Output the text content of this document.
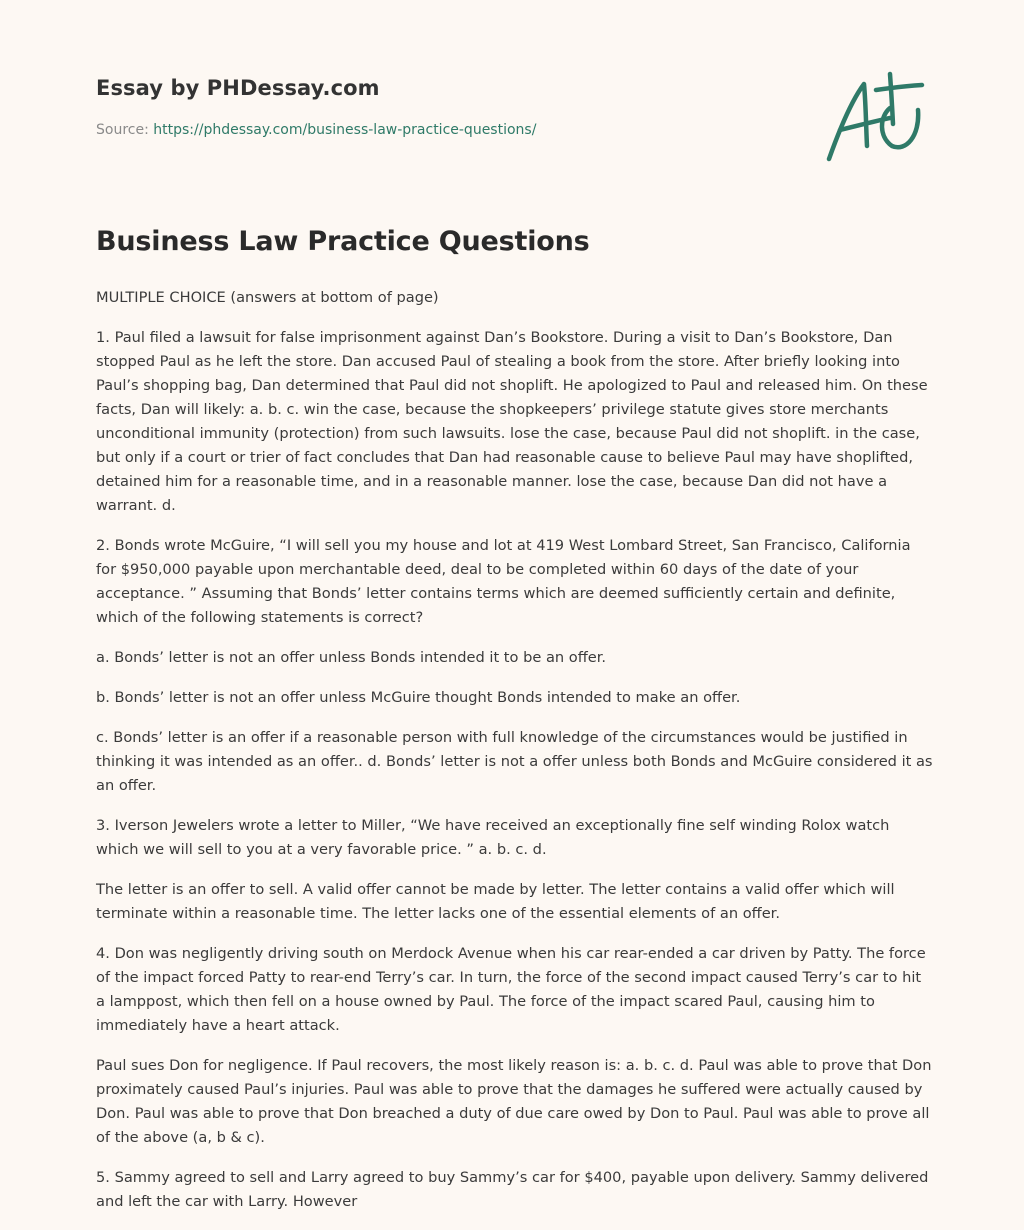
Essay by PHDessay.com

Source: https://phdessay.com/business-law-practice-questions/
Business Law Practice Questions

MULTIPLE CHOICE (answers at bottom of page)

1. Paul filed a lawsuit for false imprisonment against Dan’s Bookstore. During a visit to Dan’s Bookstore, Dan stopped Paul as he left the store. Dan accused Paul of stealing a book from the store. After briefly looking into Paul’s shopping bag, Dan determined that Paul did not shoplift. He apologized to Paul and released him. On these facts, Dan will likely: a. b. c. win the case, because the shopkeepers’ privilege statute gives store merchants unconditional immunity (protection) from such lawsuits. lose the case, because Paul did not shoplift. in the case, but only if a court or trier of fact concludes that Dan had reasonable cause to believe Paul may have shoplifted, detained him for a reasonable time, and in a reasonable manner. lose the case, because Dan did not have a warrant. d.

2. Bonds wrote McGuire, “I will sell you my house and lot at 419 West Lombard Street, San Francisco, California for $950,000 payable upon merchantable deed, deal to be completed within 60 days of the date of your acceptance. ” Assuming that Bonds’ letter contains terms which are deemed sufficiently certain and definite, which of the following statements is correct?

a. Bonds’ letter is not an offer unless Bonds intended it to be an offer.

b. Bonds’ letter is not an offer unless McGuire thought Bonds intended to make an offer.

c. Bonds’ letter is an offer if a reasonable person with full knowledge of the circumstances would be justified in thinking it was intended as an offer.. d. Bonds’ letter is not a offer unless both Bonds and McGuire considered it as an offer.

3. Iverson Jewelers wrote a letter to Miller, “We have received an exceptionally fine self winding Rolox watch which we will sell to you at a very favorable price. ” a. b. c. d.

The letter is an offer to sell. A valid offer cannot be made by letter. The letter contains a valid offer which will terminate within a reasonable time. The letter lacks one of the essential elements of an offer.

4. Don was negligently driving south on Merdock Avenue when his car rear-ended a car driven by Patty. The force of the impact forced Patty to rear-end Terry’s car. In turn, the force of the second impact caused Terry’s car to hit a lamppost, which then fell on a house owned by Paul. The force of the impact scared Paul, causing him to immediately have a heart attack.

Paul sues Don for negligence. If Paul recovers, the most likely reason is: a. b. c. d. Paul was able to prove that Don proximately caused Paul’s injuries. Paul was able to prove that the damages he suffered were actually caused by Don. Paul was able to prove that Don breached a duty of due care owed by Don to Paul. Paul was able to prove all of the above (a, b & c).

5. Sammy agreed to sell and Larry agreed to buy Sammy’s car for $400, payable upon delivery. Sammy delivered and left the car with Larry. However
